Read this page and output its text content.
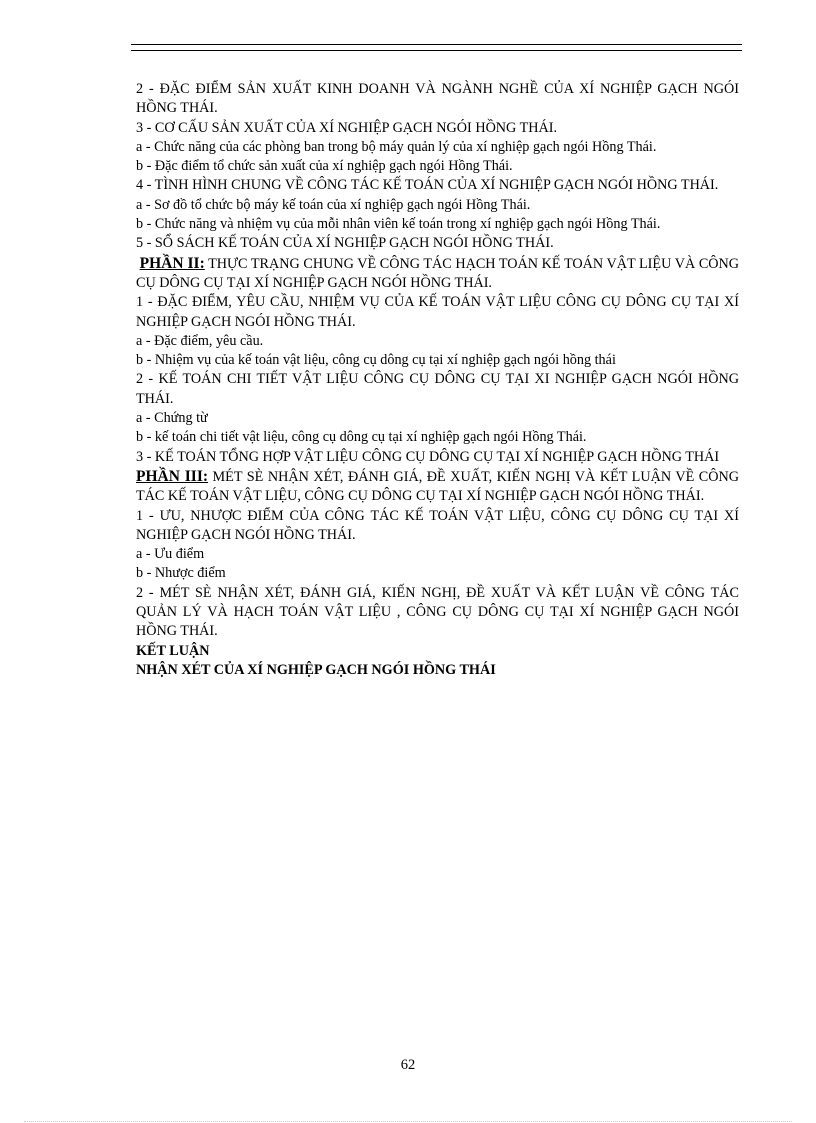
2 - ĐẶC ĐIỂM SẢN XUẤT KINH DOANH VÀ NGÀNH NGHỀ CỦA XÍ NGHIỆP GẠCH NGÓI HỒNG THÁI.

3 - CƠ CẤU SẢN XUẤT CỦA XÍ NGHIỆP GẠCH NGÓI HỒNG THÁI.

a - Chức năng của các phòng ban trong bộ máy quản lý của xí nghiệp gạch ngói Hồng Thái.

b - Đặc điểm tổ chức sản xuất của xí nghiệp gạch ngói Hồng Thái.

4 - TÌNH HÌNH CHUNG VỀ CÔNG TÁC KẾ TOÁN CỦA XÍ NGHIỆP GẠCH NGÓI HỒNG THÁI.

a - Sơ đồ tổ chức bộ máy kế toán của xí nghiệp gạch ngói Hồng Thái.

b - Chức năng và nhiệm vụ của mỗi nhân viên kế toán trong xí nghiệp gạch ngói Hồng Thái.

5 - SỔ SÁCH KẾ TOÁN CỦA XÍ NGHIỆP GẠCH NGÓI HỒNG THÁI.

PHẦN II: THỰC TRẠNG CHUNG VỀ CÔNG TÁC HẠCH TOÁN KẾ TOÁN VẬT LIỆU VÀ CÔNG CỤ DÔNG CỤ TẠI XÍ NGHIỆP GẠCH NGÓI HỒNG THÁI.

1 - ĐẶC ĐIỂM, YÊU CẦU, NHIỆM VỤ CỦA KẾ TOÁN VẬT LIỆU CÔNG CỤ DÔNG CỤ TẠI XÍ NGHIỆP GẠCH NGÓI HỒNG THÁI.

a - Đặc điểm, yêu cầu.

b - Nhiệm vụ của kế toán vật liệu, công cụ dông cụ tại xí nghiệp gạch ngói hồng thái

2 - KẾ TOÁN CHI TIẾT VẬT LIỆU CÔNG CỤ DÔNG CỤ TẠI XI NGHIỆP GẠCH NGÓI HỒNG THÁI.

a - Chứng từ

b - kế toán chi tiết vật liệu, công cụ dông cụ tại xí nghiệp gạch ngói Hồng Thái.

3 - KẾ TOÁN TỔNG HỢP VẬT LIỆU CÔNG CỤ DÔNG CỤ TẠI XÍ NGHIỆP GẠCH HỒNG THÁI

PHẦN III: MÉT SÈ NHẬN XÉT, ĐÁNH GIÁ, ĐỀ XUẤT, KIẾN NGHỊ VÀ KẾT LUẬN VỀ CÔNG TÁC KẾ TOÁN VẬT LIỆU, CÔNG CỤ DÔNG CỤ TẠI XÍ NGHIỆP GẠCH NGÓI HỒNG THÁI.

1 - ƯU, NHƯỢC ĐIỂM CỦA CÔNG TÁC KẾ TOÁN VẬT LIỆU, CÔNG CỤ DÔNG CỤ TẠI XÍ NGHIỆP GẠCH NGÓI HỒNG THÁI.

a - Ưu điểm

b - Nhược điểm

2 - MÉT SÈ NHẬN XÉT, ĐÁNH GIÁ, KIẾN NGHỊ, ĐỀ XUẤT VÀ KẾT LUẬN VỀ CÔNG TÁC QUẢN LÝ VÀ HẠCH TOÁN VẬT LIỆU , CÔNG CỤ DÔNG CỤ TẠI XÍ NGHIỆP GẠCH NGÓI HỒNG THÁI.

KẾT LUẬN

NHẬN XÉT CỦA XÍ NGHIỆP GẠCH NGÓI HỒNG THÁI

62
